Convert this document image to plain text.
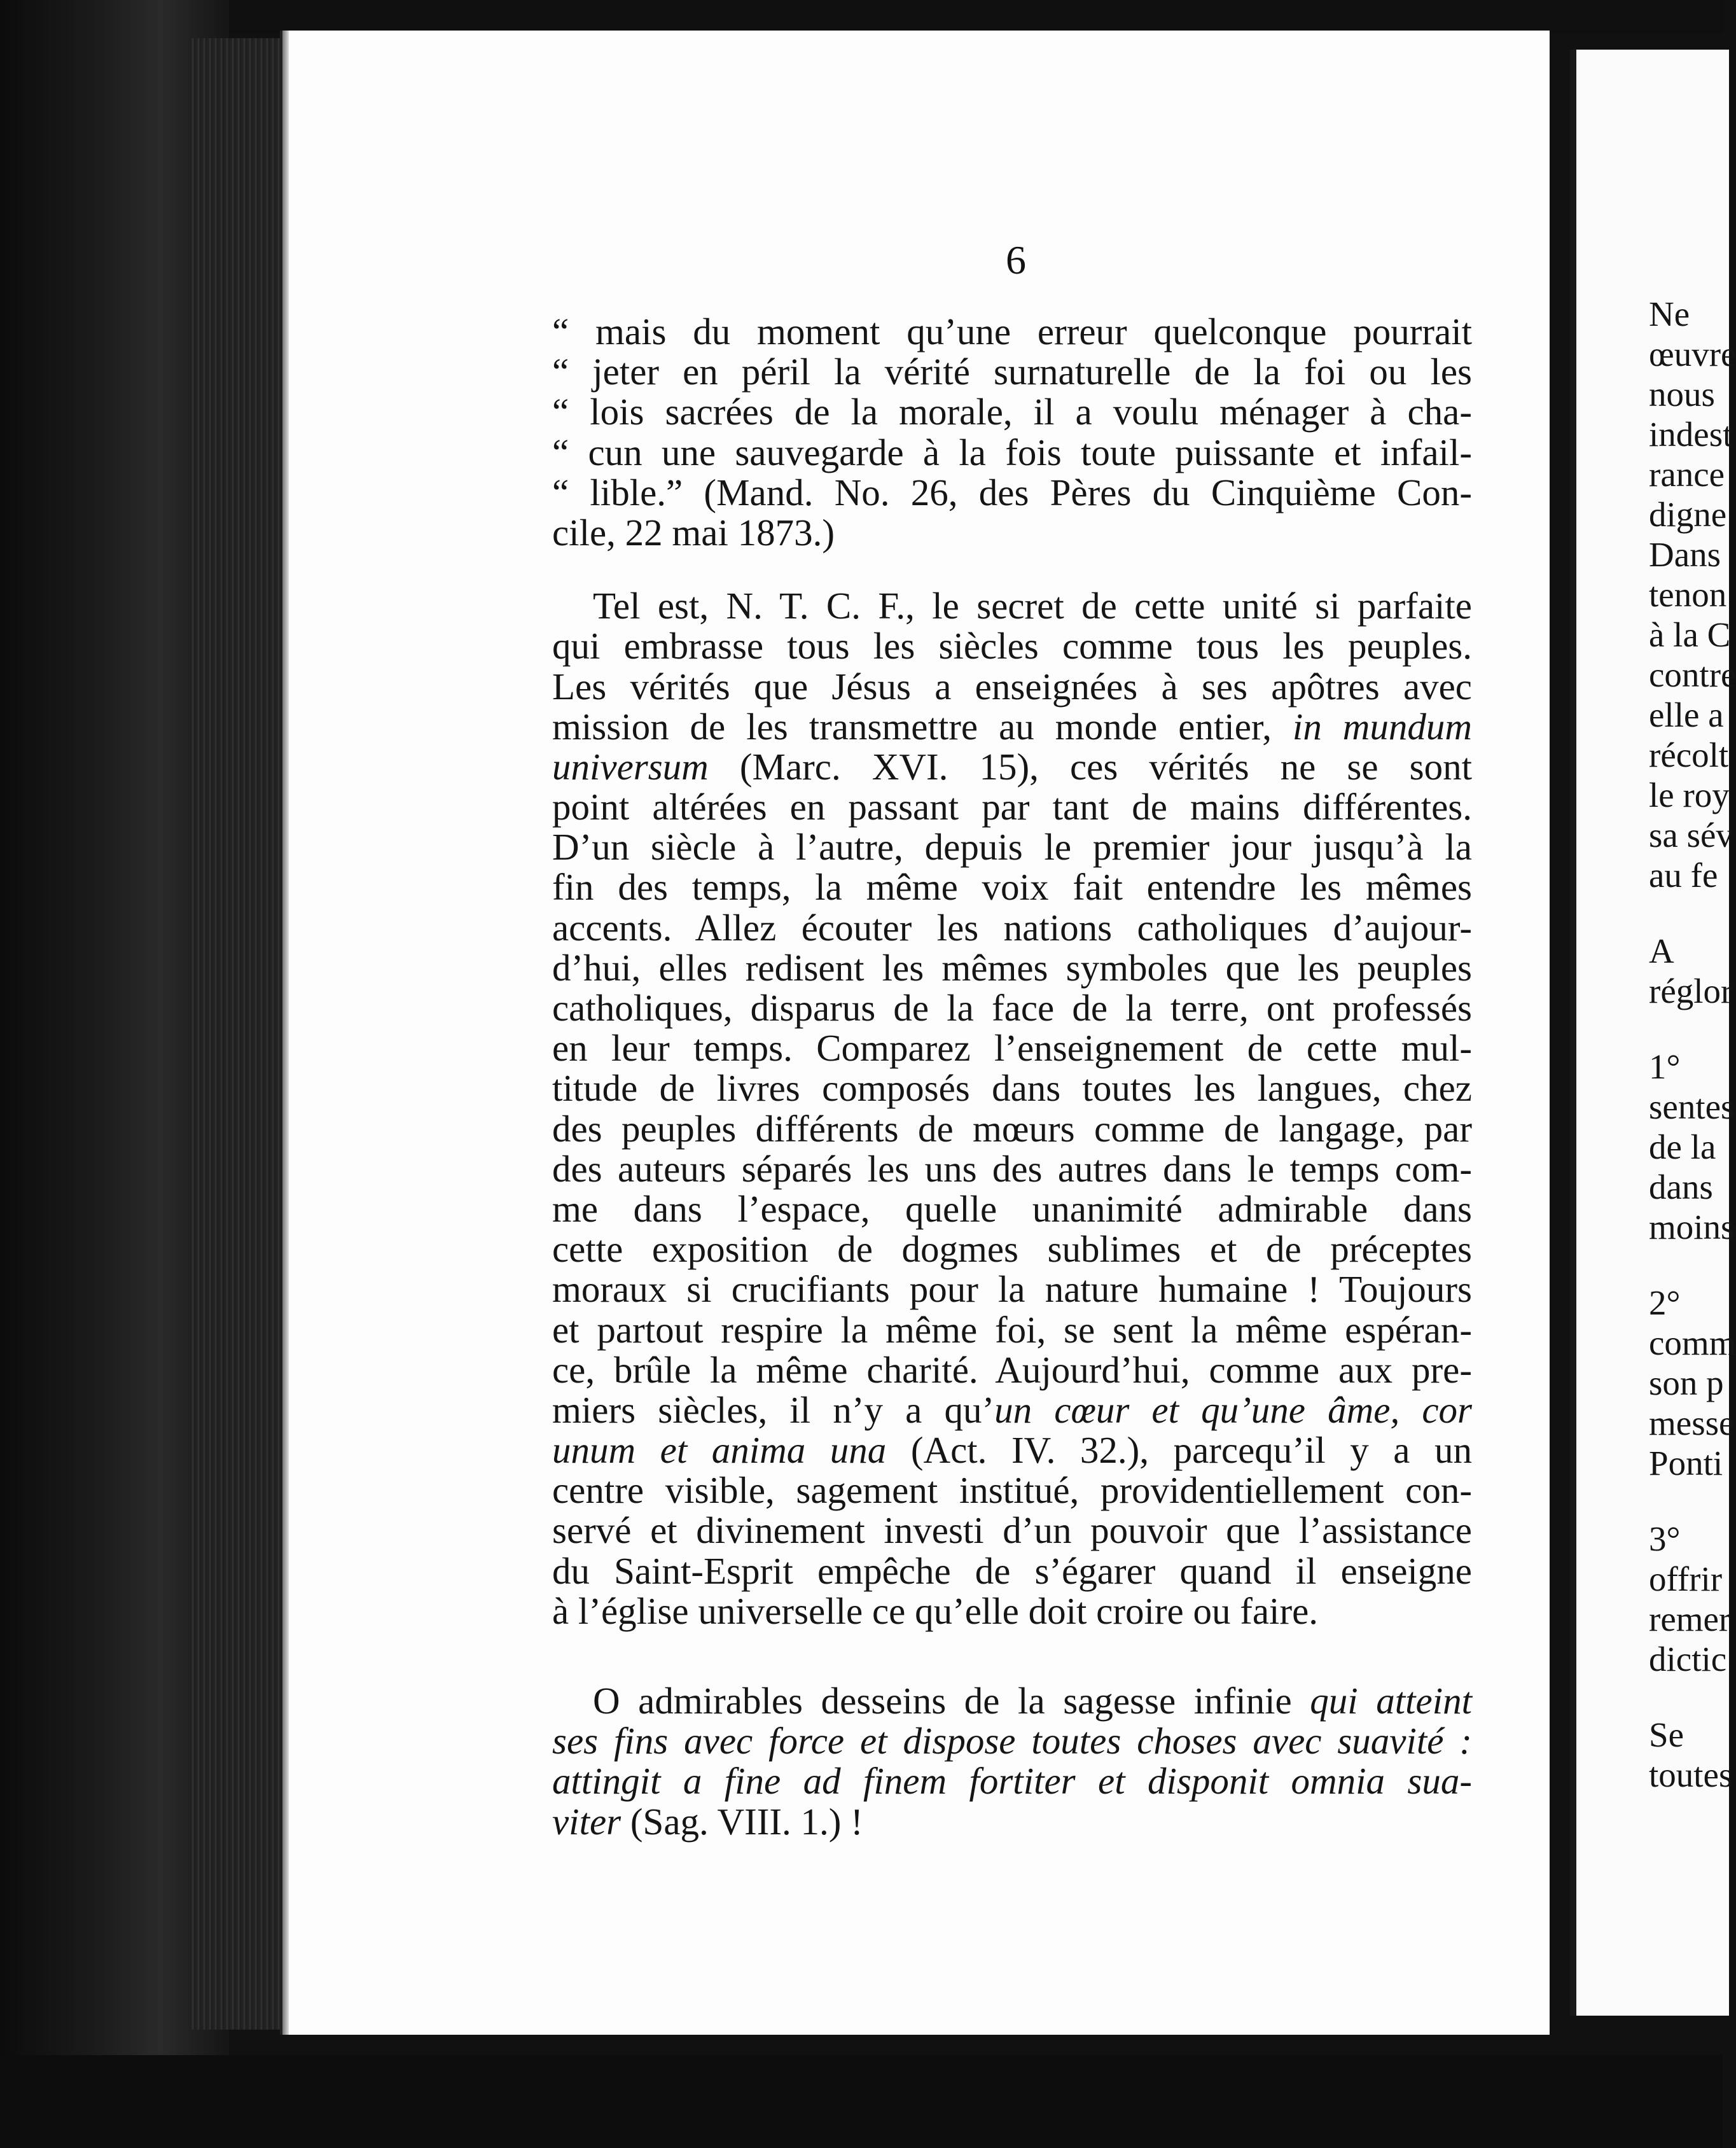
6
“ mais du moment qu’une erreur quelconque pourrait
“ jeter en péril la vérité surnaturelle de la foi ou les
“ lois sacrées de la morale, il a voulu ménager à cha-
“ cun une sauvegarde à la fois toute puissante et infail-
“ lible.” (Mand. No. 26, des Pères du Cinquième Con-
cile, 22 mai 1873.)
Tel est, N. T. C. F., le secret de cette unité si parfaite
qui embrasse tous les siècles comme tous les peuples.
Les vérités que Jésus a enseignées à ses apôtres avec
mission de les transmettre au monde entier, in mundum
universum (Marc. XVI. 15), ces vérités ne se sont
point altérées en passant par tant de mains différentes.
D’un siècle à l’autre, depuis le premier jour jusqu’à la
fin des temps, la même voix fait entendre les mêmes
accents. Allez écouter les nations catholiques d’aujour-
d’hui, elles redisent les mêmes symboles que les peuples
catholiques, disparus de la face de la terre, ont professés
en leur temps. Comparez l’enseignement de cette mul-
titude de livres composés dans toutes les langues, chez
des peuples différents de mœurs comme de langage, par
des auteurs séparés les uns des autres dans le temps com-
me dans l’espace, quelle unanimité admirable dans
cette exposition de dogmes sublimes et de préceptes
moraux si crucifiants pour la nature humaine ! Toujours
et partout respire la même foi, se sent la même espéran-
ce, brûle la même charité. Aujourd’hui, comme aux pre-
miers siècles, il n’y a qu’un cœur et qu’une âme, cor
unum et anima una (Act. IV. 32.), parcequ’il y a un
centre visible, sagement institué, providentiellement con-
servé et divinement investi d’un pouvoir que l’assistance
du Saint-Esprit empêche de s’égarer quand il enseigne
à l’église universelle ce qu’elle doit croire ou faire.
O admirables desseins de la sagesse infinie qui atteint
ses fins avec force et dispose toutes choses avec suavité :
attingit a fine ad finem fortiter et disponit omnia sua-
viter (Sag. VIII. 1.) !
Ne
œuvre
nous
indest
rance
digne
Dans
tenon
à la C
contre
elle a
récolt
le roy
sa sév
au fe
A
réglor
1°
sentes
de la
dans
moins
2°
comm
son p
messe
Ponti
3°
offrir
remer
dictic
Se
toutes
